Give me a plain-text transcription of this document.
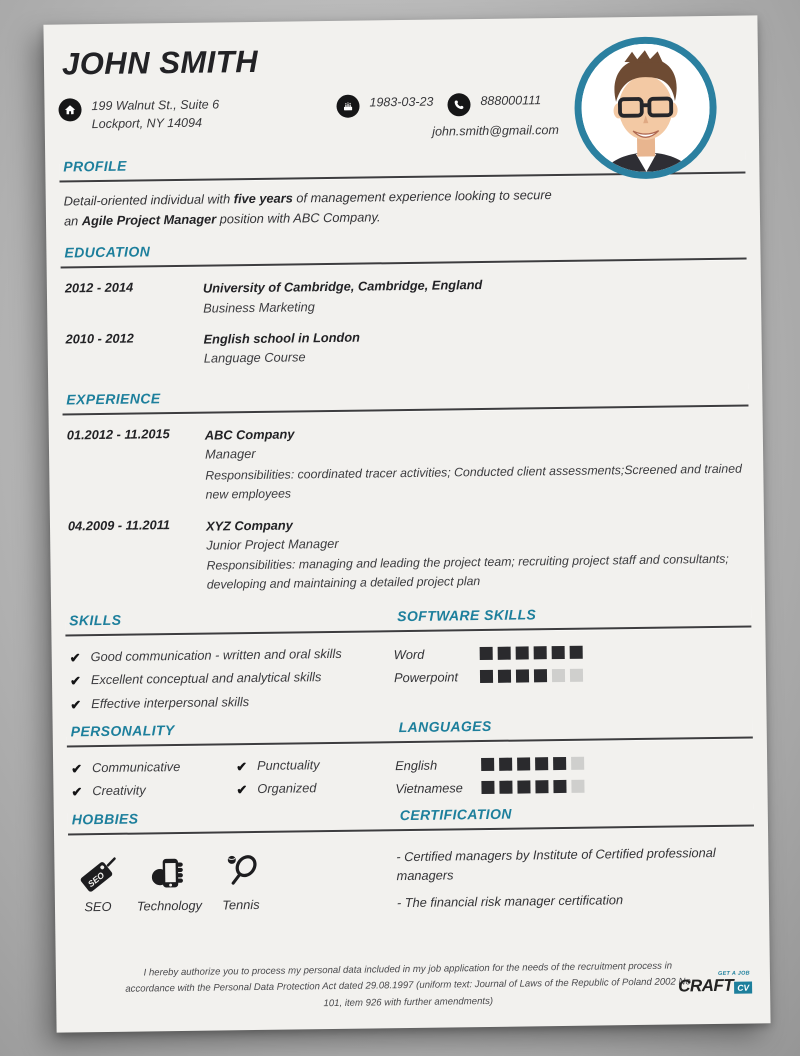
JOHN SMITH
199 Walnut St., Suite 6
Lockport, NY 14094
1983-03-23	888000111
john.smith@gmail.com
PROFILE
Detail-oriented individual with five years of management experience looking to secure an Agile Project Manager position with ABC Company.
EDUCATION
2012 - 2014	University of Cambridge, Cambridge, England
Business Marketing
2010 - 2012	English school in London
Language Course
EXPERIENCE
01.2012 - 11.2015	ABC Company
Manager
Responsibilities: coordinated tracer activities; Conducted client assessments;Screened and trained new employees
04.2009 - 11.2011	XYZ Company
Junior Project Manager
Responsibilities: managing and leading the project team; recruiting project staff and consultants; developing and maintaining a detailed project plan
SKILLS	SOFTWARE SKILLS
✔ Good communication - written and oral skills
✔ Excellent conceptual and analytical skills
✔ Effective interpersonal skills
Word
Powerpoint
PERSONALITY	LANGUAGES
✔ Communicative
✔ Creativity
✔ Punctuality
✔ Organized
English
Vietnamese
HOBBIES	CERTIFICATION
SEO
SEO Technology Tennis
- Certified managers by Institute of Certified professional managers
- The financial risk manager certification
I hereby authorize you to process my personal data included in my job application for the needs of the recruitment process in accordance with the Personal Data Protection Act dated 29.08.1997 (uniform text: Journal of Laws of the Republic of Poland 2002 No 101, item 926 with further amendments)
GET A JOB
CRAFT CV
